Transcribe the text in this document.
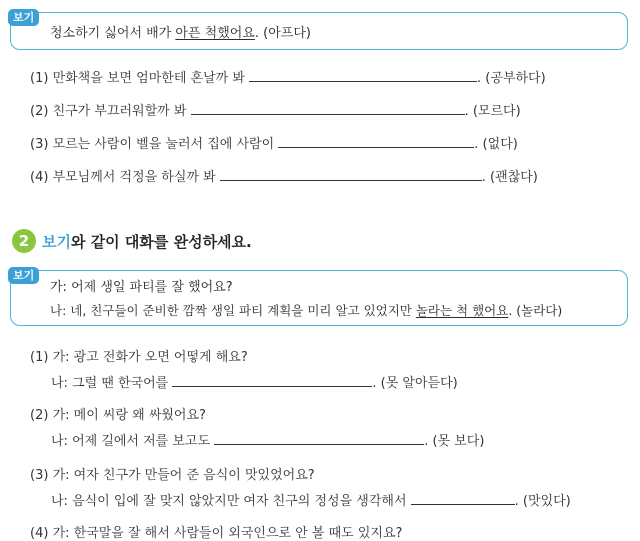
보기
청소하기 싫어서 배가 아픈 척했어요. (아프다)
(1) 만화책을 보면 엄마한테 혼날까 봐	. (공부하다)
(2) 친구가 부끄러워할까 봐	. (모르다)
(3) 모르는 사람이 벨을 눌러서 집에 사람이	. (없다)
(4) 부모님께서 걱정을 하실까 봐	. (괜찮다)
2 보기와 같이 대화를 완성하세요.
보기
가: 어제 생일 파티를 잘 했어요?
나: 네, 친구들이 준비한 깜짝 생일 파티 계획을 미리 알고 있었지만 놀라는 척 했어요. (놀라다)
(1) 가: 광고 전화가 오면 어떻게 해요?
나: 그럴 땐 한국어를	. (못 알아듣다)
(2) 가: 메이 씨랑 왜 싸웠어요?
나: 어제 길에서 저를 보고도	. (못 보다)
(3) 가: 여자 친구가 만들어 준 음식이 맛있었어요?
나: 음식이 입에 잘 맞지 않았지만 여자 친구의 정성을 생각해서	. (맛있다)
(4) 가: 한국말을 잘 해서 사람들이 외국인으로 안 볼 때도 있지요?
